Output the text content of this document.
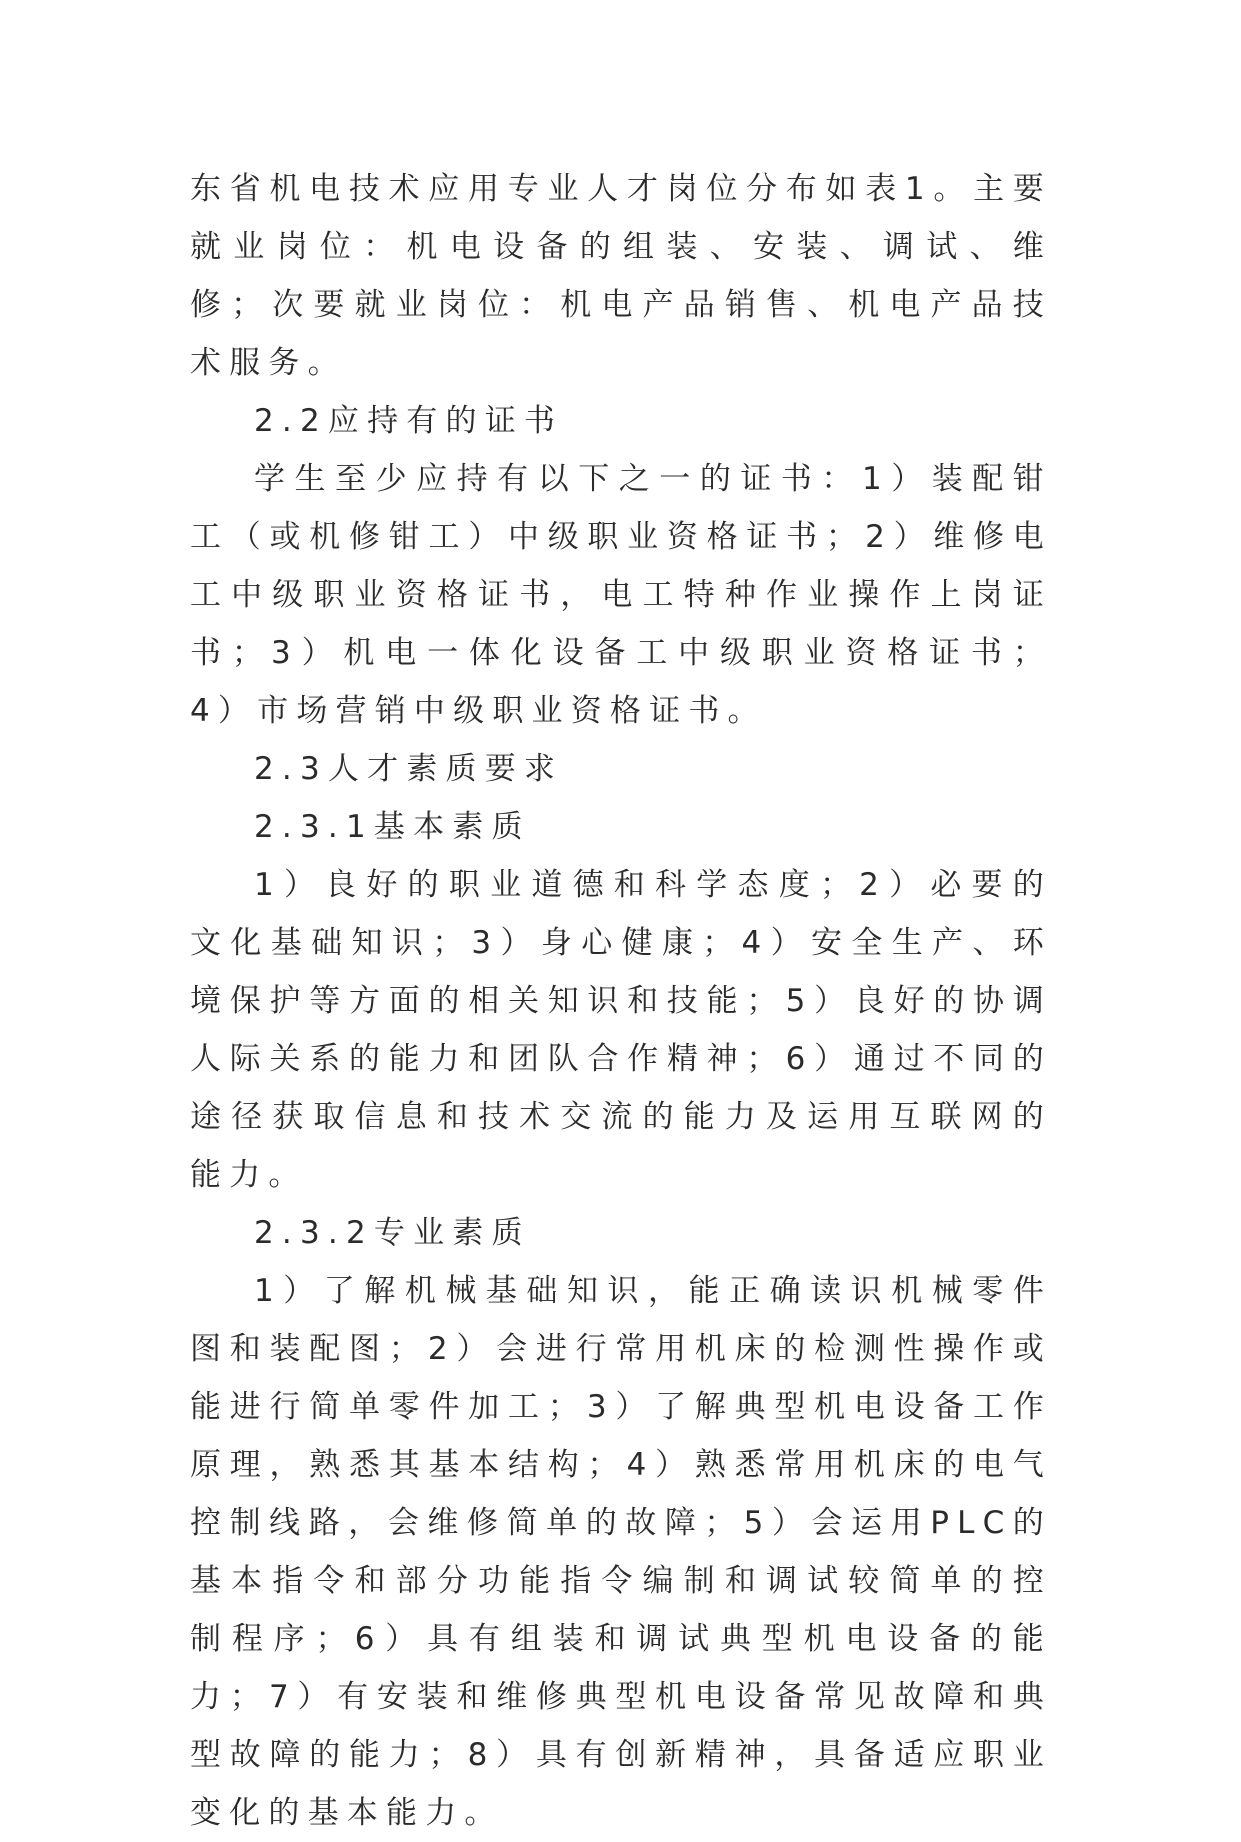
东省机电技术应用专业人才岗位分布如表1。主要就业岗位：机电设备的组装、安装、调试、维修；次要就业岗位：机电产品销售、机电产品技术服务。

2.2应持有的证书

学生至少应持有以下之一的证书：1）装配钳工（或机修钳工）中级职业资格证书；2）维修电工中级职业资格证书，电工特种作业操作上岗证书；3）机电一体化设备工中级职业资格证书；4）市场营销中级职业资格证书。

2.3人才素质要求

2.3.1基本素质

1）良好的职业道德和科学态度；2）必要的文化基础知识；3）身心健康；4）安全生产、环境保护等方面的相关知识和技能；5）良好的协调人际关系的能力和团队合作精神；6）通过不同的途径获取信息和技术交流的能力及运用互联网的能力。

2.3.2专业素质

1）了解机械基础知识，能正确读识机械零件图和装配图；2）会进行常用机床的检测性操作或能进行简单零件加工；3）了解典型机电设备工作原理，熟悉其基本结构；4）熟悉常用机床的电气控制线路，会维修简单的故障；5）会运用PLC的基本指令和部分功能指令编制和调试较简单的控制程序；6）具有组装和调试典型机电设备的能力；7）有安装和维修典型机电设备常见故障和典型故障的能力；8）具有创新精神，具备适应职业变化的基本能力。
